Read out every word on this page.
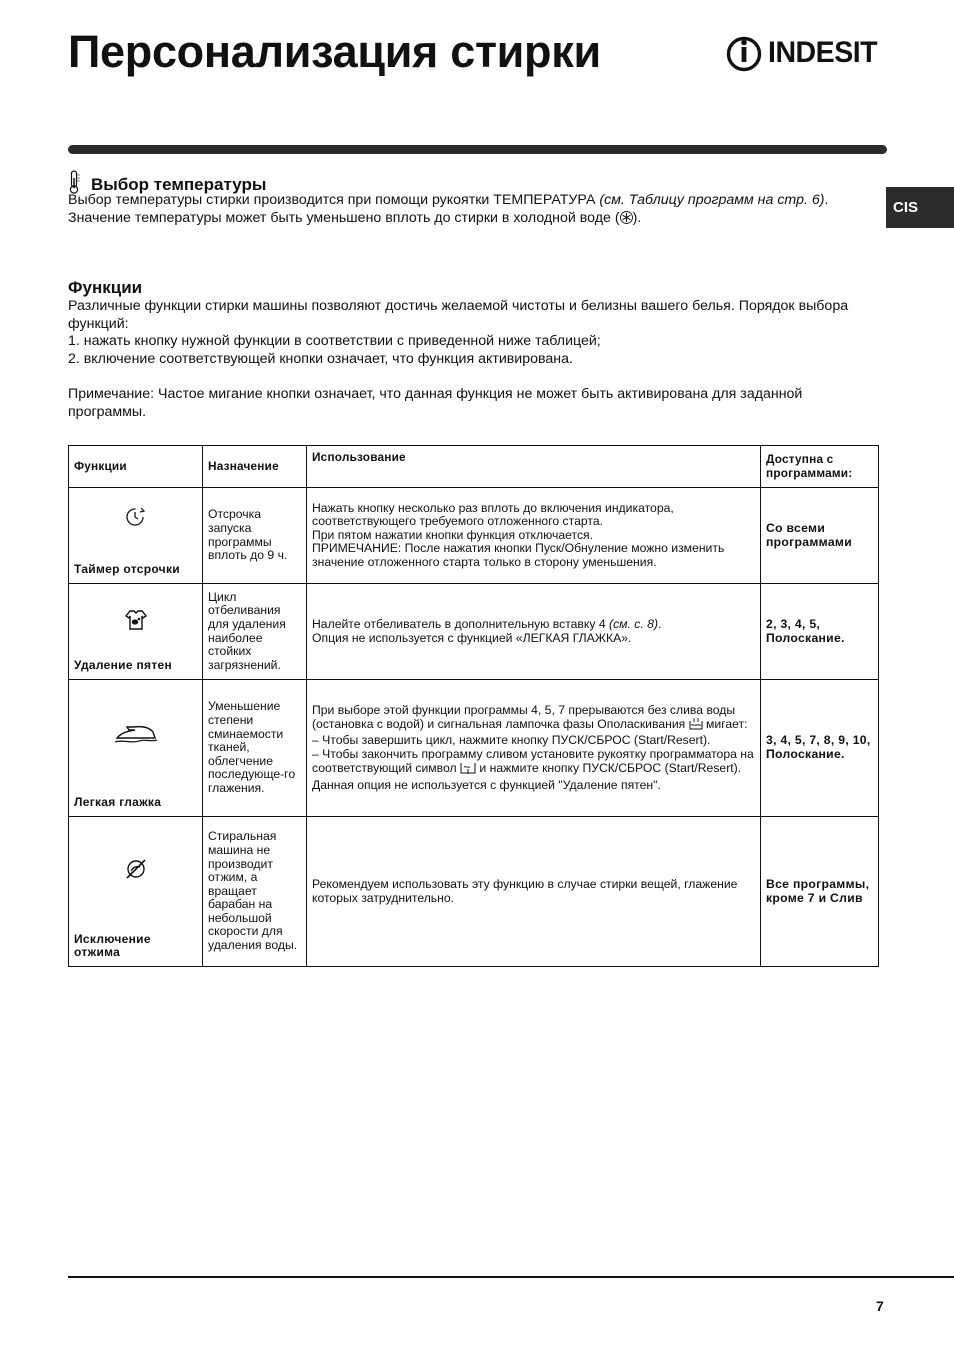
Персонализация стирки	INDESIT
CIS
Выбор температуры

Выбор температуры стирки производится при помощи рукоятки ТЕМПЕРАТУРА (см. Таблицу программ на стр. 6).
Значение температуры может быть уменьшено вплоть до стирки в холодной воде ( ).

Функции

Различные функции стирки машины позволяют достичь желаемой чистоты и белизны вашего белья. Порядок выбора функций:

1. нажать кнопку нужной функции в соответствии с приведенной ниже таблицей;

2. включение соответствующей кнопки означает, что функция активирована.

Примечание: Частое мигание кнопки означает, что данная функция не может быть активирована для заданной программы.

Функции	Назначение	Использование	Доступна с программами:

Таймер отсрочки	Отсрочка запуска программы вплоть до 9 ч.	Нажать кнопку несколько раз вплоть до включения индикатора, соответствующего требуемого отложенного старта.
При пятом нажатии кнопки функция отключается.
ПРИМЕЧАНИЕ: После нажатия кнопки Пуск/Обнуление можно изменить значение отложенного старта только в сторону уменьшения.	Со всеми программами

Удаление пятен	Цикл отбеливания для удаления наиболее стойких загрязнений.	Налейте отбеливатель в дополнительную вставку 4 (см. с. 8).
Опция не используется с функцией «ЛЕГКАЯ ГЛАЖКА».	2, 3, 4, 5, Полоскание.

Легкая глажка	Уменьшение степени сминаемости тканей, облегчение последующе-го глажения.	При выборе этой функции программы 4, 5, 7 прерываются без слива воды (остановка с водой) и сигнальная лампочка фазы Ополаскивания  мигает:
– Чтобы завершить цикл, нажмите кнопку ПУСК/СБРОС (Start/Resert).
– Чтобы закончить программу сливом установите рукоятку программатора на соответствующий символ  и нажмите кнопку ПУСК/СБРОС (Start/Resert).
Данная опция не используется с функцией "Удаление пятен".	3, 4, 5, 7, 8, 9, 10, Полоскание.

Исключение отжима	Стиральная машина не производит отжим, а вращает барабан на небольшой скорости для удаления воды.	Рекомендуем использовать эту функцию в случае стирки вещей, глажение которых затруднительно.	Все программы, кроме 7 и Слив
7
